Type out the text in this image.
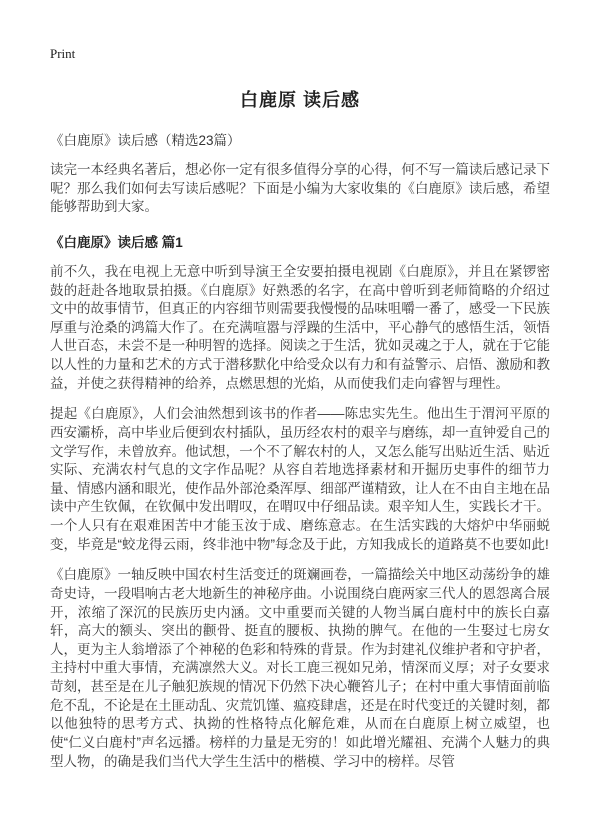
Print
白鹿原 读后感

《白鹿原》读后感（精选23篇）

读完一本经典名著后，想必你一定有很多值得分享的心得，何不写一篇读后感记录下呢？那么我们如何去写读后感呢？下面是小编为大家收集的《白鹿原》读后感，希望能够帮助到大家。

《白鹿原》读后感 篇1

前不久，我在电视上无意中听到导演王全安要拍摄电视剧《白鹿原》，并且在紧锣密鼓的赶赴各地取景拍摄。《白鹿原》好熟悉的名字，在高中曾听到老师简略的介绍过文中的故事情节，但真正的内容细节则需要我慢慢的品味咀嚼一番了，感受一下民族厚重与沧桑的鸿篇大作了。在充满喧嚣与浮躁的生活中，平心静气的感悟生活，领悟人世百态，未尝不是一种明智的选择。阅读之于生活，犹如灵魂之于人，就在于它能以人性的力量和艺术的方式于潜移默化中给受众以有力和有益警示、启悟、激励和教益，并使之获得精神的给养，点燃思想的光焰，从而使我们走向睿智与理性。

提起《白鹿原》，人们会油然想到该书的作者——陈忠实先生。他出生于渭河平原的西安灞桥，高中毕业后便到农村插队，虽历经农村的艰辛与磨练，却一直钟爱自己的文学写作，未曾放弃。他试想，一个不了解农村的人，又怎么能写出贴近生活、贴近实际、充满农村气息的文字作品呢？从容自若地选择素材和开掘历史事件的细节力量、情感内涵和眼光，使作品外部沧桑浑厚、细部严谨精致，让人在不由自主地在品读中产生钦佩，在钦佩中发出喟叹，在喟叹中仔细品读。艰辛知人生，实践长才干。一个人只有在艰难困苦中才能玉汝于成、磨练意志。在生活实践的大熔炉中华丽蜕变，毕竟是“蛟龙得云雨，终非池中物”每念及于此，方知我成长的道路莫不也要如此!

《白鹿原》一轴反映中国农村生活变迁的斑斓画卷，一篇描绘关中地区动荡纷争的雄奇史诗，一段唱响古老大地新生的神秘序曲。小说围绕白鹿两家三代人的恩怨离合展开，浓缩了深沉的民族历史内涵。文中重要而关键的人物当属白鹿村中的族长白嘉轩，高大的额头、突出的颧骨、挺直的腰板、执拗的脾气。在他的一生娶过七房女人，更为主人翁增添了个神秘的色彩和特殊的背景。作为封建礼仪维护者和守护者，主持村中重大事情，充满凛然大义。对长工鹿三视如兄弟，情深而义厚；对子女要求苛刻，甚至是在儿子触犯族规的情况下仍然下决心鞭笞儿子；在村中重大事情面前临危不乱，不论是在土匪动乱、灾荒饥馑、瘟疫肆虐，还是在时代变迁的关键时刻，都以他独特的思考方式、执拗的性格特点化解危难，从而在白鹿原上树立威望，也使“仁义白鹿村”声名远播。榜样的力量是无穷的！如此增光耀祖、充满个人魅力的典型人物，的确是我们当代大学生生活中的楷模、学习中的榜样。尽管
